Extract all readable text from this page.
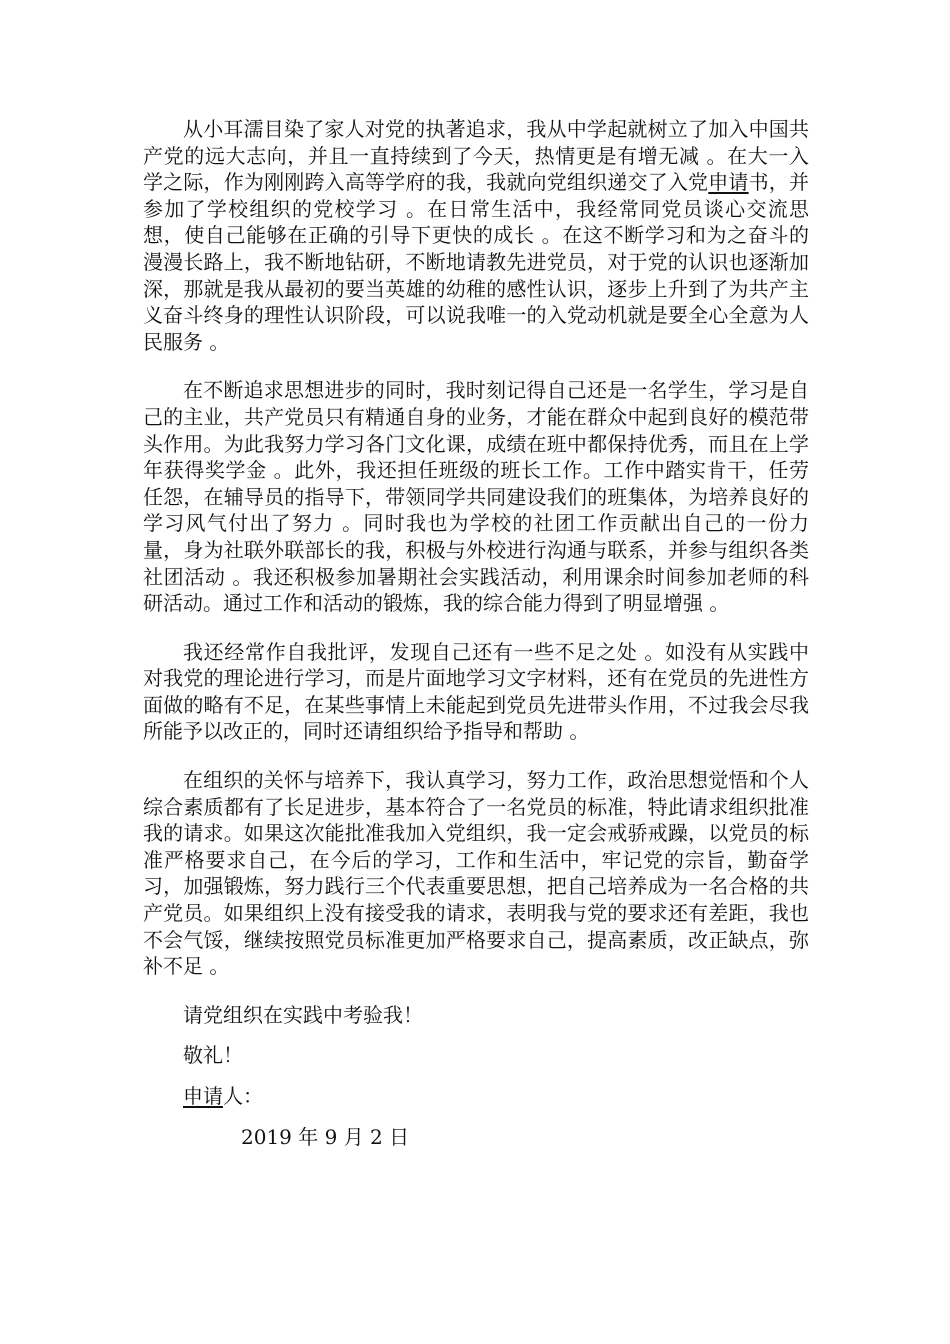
从小耳濡目染了家人对党的执著追求，我从中学起就树立了加入中国共产党的远大志向，并且一直持续到了今天，热情更是有增无减 。在大一入学之际，作为刚刚跨入高等学府的我，我就向党组织递交了入党申请书，并参加了学校组织的党校学习 。在日常生活中，我经常同党员谈心交流思想，使自己能够在正确的引导下更快的成长 。在这不断学习和为之奋斗的漫漫长路上，我不断地钻研，不断地请教先进党员，对于党的认识也逐渐加深，那就是我从最初的要当英雄的幼稚的感性认识，逐步上升到了为共产主义奋斗终身的理性认识阶段，可以说我唯一的入党动机就是要全心全意为人民服务 。

在不断追求思想进步的同时，我时刻记得自己还是一名学生，学习是自己的主业，共产党员只有精通自身的业务，才能在群众中起到良好的模范带头作用。为此我努力学习各门文化课，成绩在班中都保持优秀，而且在上学年获得奖学金 。此外，我还担任班级的班长工作。工作中踏实肯干，任劳任怨，在辅导员的指导下，带领同学共同建设我们的班集体，为培养良好的学习风气付出了努力 。同时我也为学校的社团工作贡献出自己的一份力量，身为社联外联部长的我，积极与外校进行沟通与联系，并参与组织各类社团活动 。我还积极参加暑期社会实践活动，利用课余时间参加老师的科研活动。通过工作和活动的锻炼，我的综合能力得到了明显增强 。

我还经常作自我批评，发现自己还有一些不足之处 。如没有从实践中对我党的理论进行学习，而是片面地学习文字材料，还有在党员的先进性方面做的略有不足，在某些事情上未能起到党员先进带头作用，不过我会尽我所能予以改正的，同时还请组织给予指导和帮助 。

在组织的关怀与培养下，我认真学习，努力工作，政治思想觉悟和个人综合素质都有了长足进步，基本符合了一名党员的标准，特此请求组织批准我的请求。如果这次能批准我加入党组织，我一定会戒骄戒躁，以党员的标准严格要求自己，在今后的学习，工作和生活中，牢记党的宗旨，勤奋学习，加强锻炼，努力践行三个代表重要思想，把自己培养成为一名合格的共产党员。如果组织上没有接受我的请求，表明我与党的要求还有差距，我也不会气馁，继续按照党员标准更加严格要求自己，提高素质，改正缺点，弥补不足 。

请党组织在实践中考验我！

敬礼！

申请人：

2019 年 9 月 2 日
